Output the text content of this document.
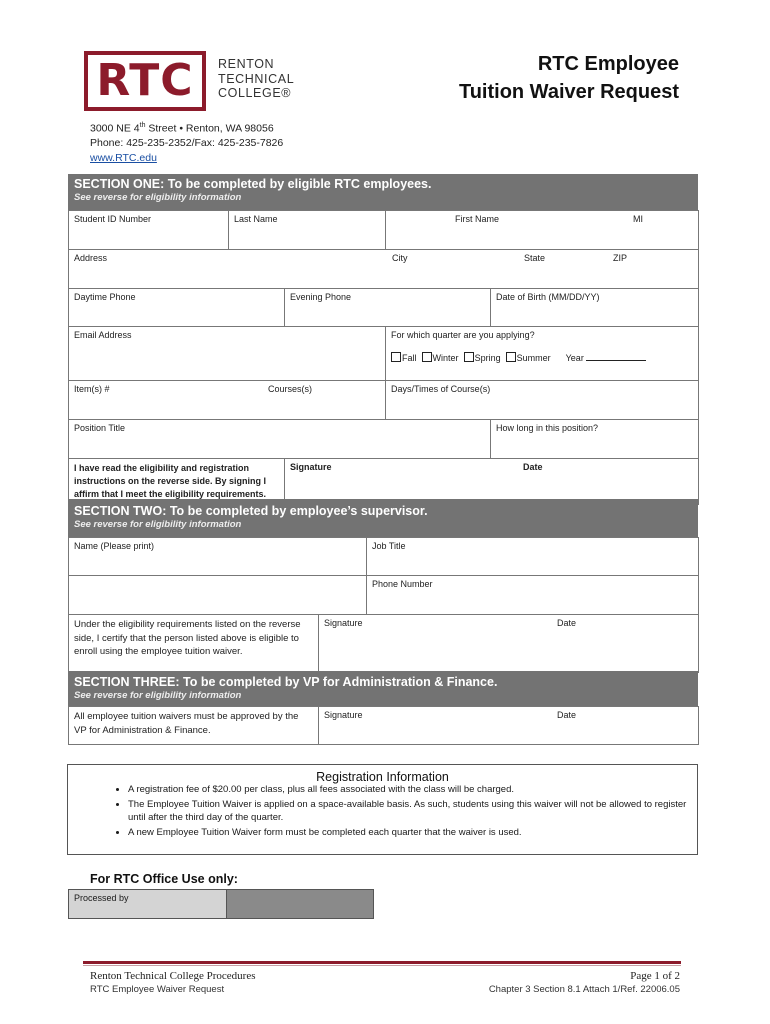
RTC RENTON
TECHNICAL
COLLEGE®
RTC Employee
Tuition Waiver Request
3000 NE 4th Street • Renton, WA 98056
Phone: 425-235-2352/Fax: 425-235-7826
www.RTC.edu
SECTION ONE: To be completed by eligible RTC employees.
See reverse for eligibility information
Student ID Number	Last Name		First Name MI	

Address City State ZIP				

Daytime Phone		Evening Phone		Date of Birth (MM/DD/YY)
Email Address			For which quarter are you applying?
Fall Winter Spring Summer Year	

Item(s) # Courses(s)			Days/Times of Course(s)	
Position Title				How long in this position?

I have read the eligibility and registration instructions on the reverse side. By signing I affirm that I meet the eligibility requirements.		Signature Date		
SECTION TWO: To be completed by employee’s supervisor.
See reverse for eligibility information
Name (Please print)		Job Title
		Phone Number
Under the eligibility requirements listed on the reverse side, I certify that the person listed above is eligible to enroll using the employee tuition waiver.	Signature Date	
SECTION THREE: To be completed by VP for Administration & Finance.
See reverse for eligibility information
All employee tuition waivers must be approved by the VP for Administration & Finance.	Signature	Date
Registration Information
• A registration fee of $20.00 per class, plus all fees associated with the class will be charged.
• The Employee Tuition Waiver is applied on a space-available basis. As such, students using this waiver will not be allowed to register until after the third day of the quarter.
• A new Employee Tuition Waiver form must be completed each quarter that the waiver is used.
For RTC Office Use only:
Processed by
Renton Technical College Procedures
RTC Employee Waiver Request
Page 1 of 2
Chapter 3 Section 8.1 Attach 1/Ref. 22006.05
